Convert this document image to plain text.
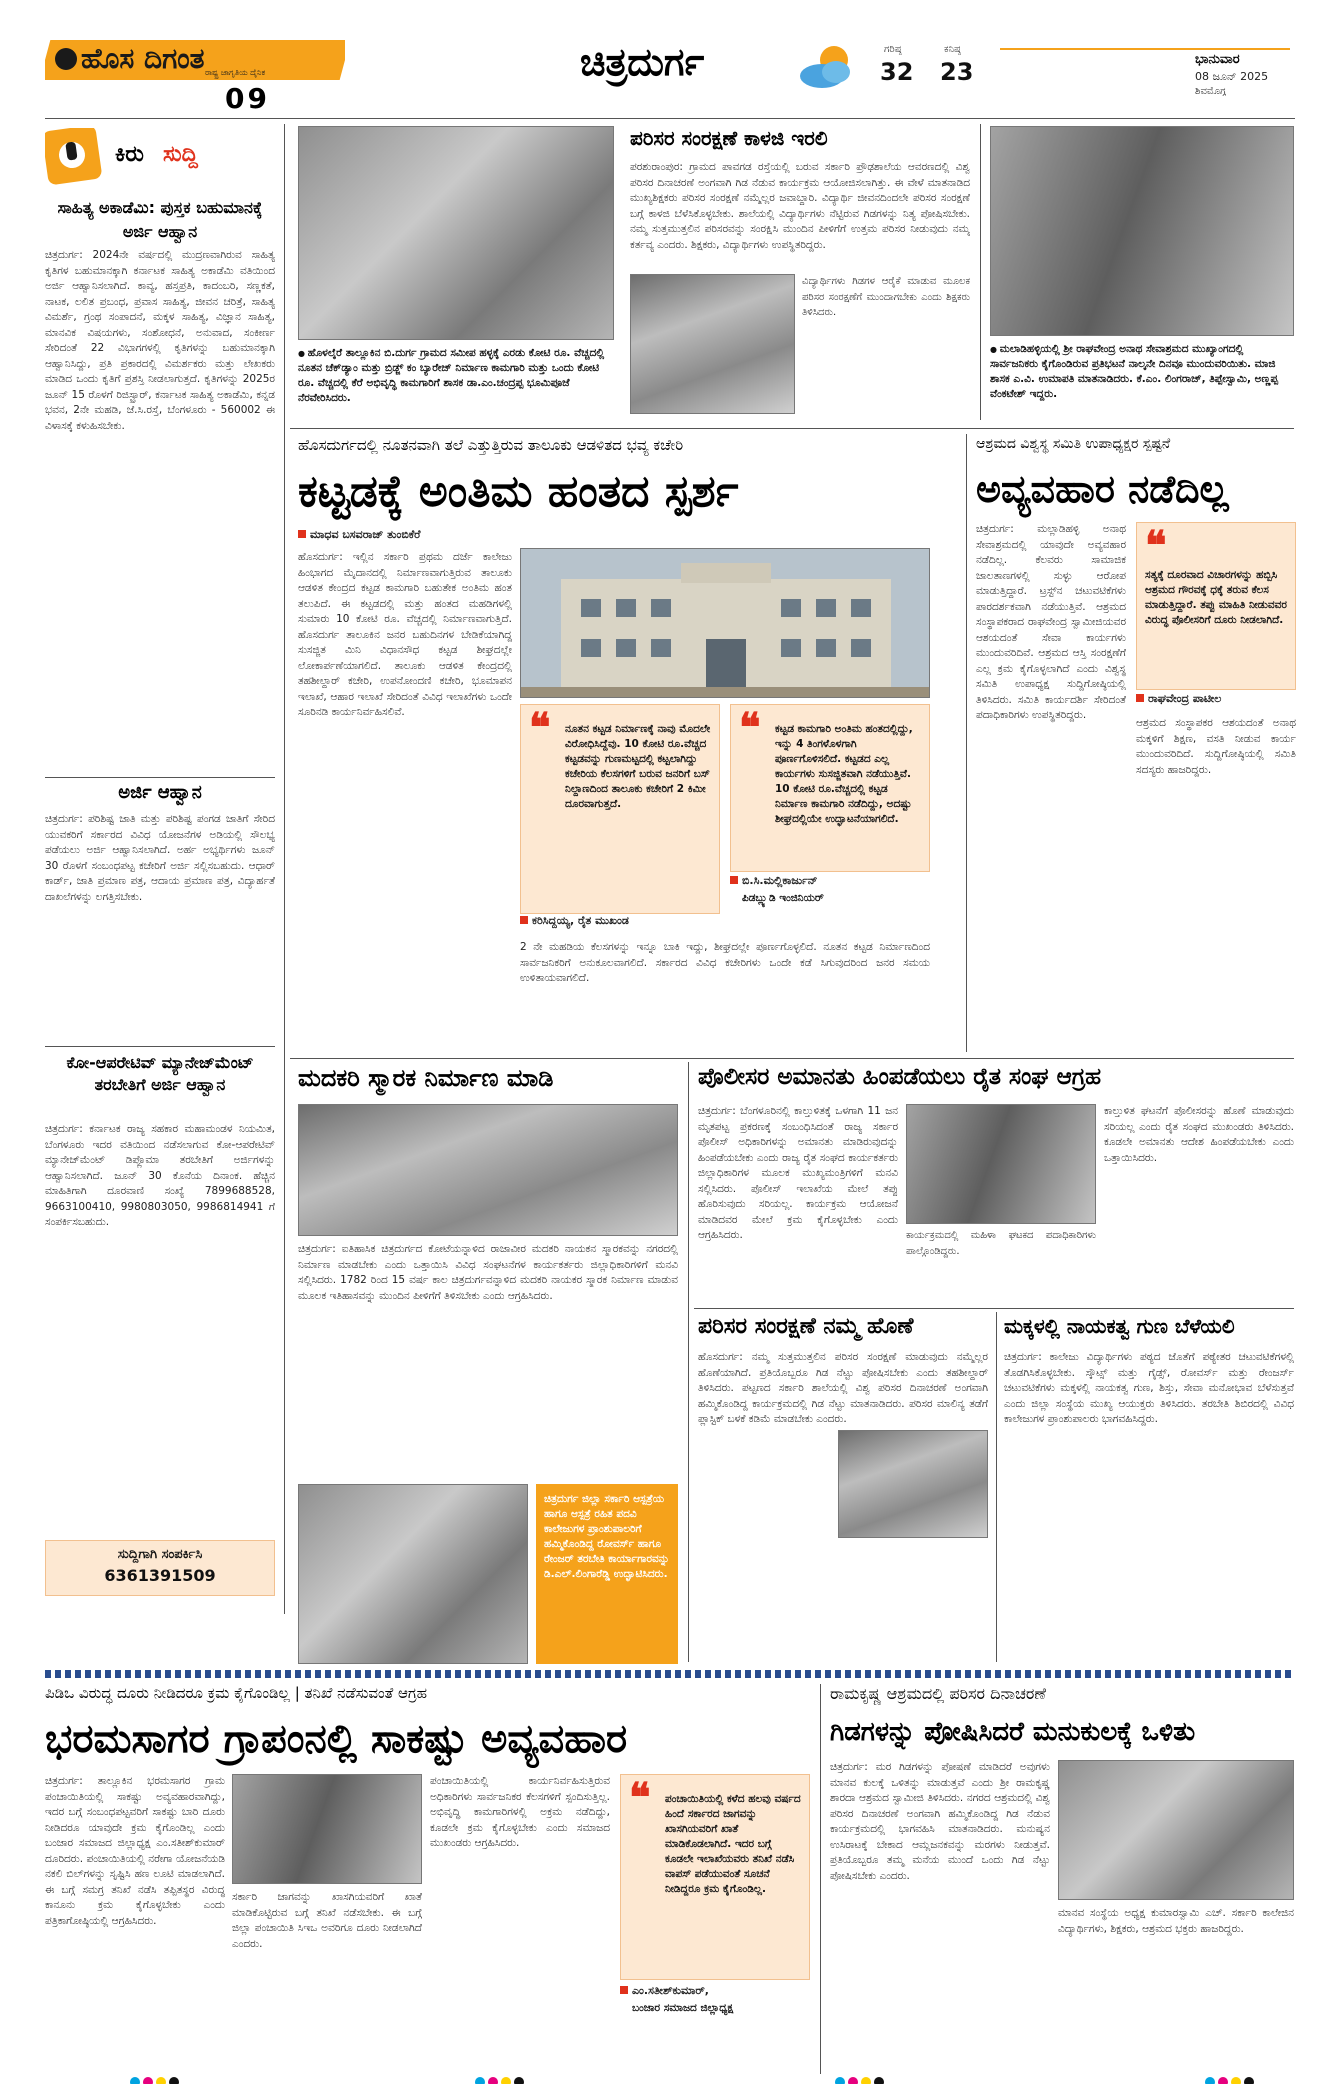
ಹೊಸ ದಿಗಂತ ರಾಷ್ಟ್ರ ಜಾಗೃತಿಯ ದೈನಿಕ
09
ಚಿತ್ರದುರ್ಗ	ಗರಿಷ್ಠ
32
ಕನಿಷ್ಠ
23	ಭಾನುವಾರ
08 ಜೂನ್ 2025
ಶಿವಮೊಗ್ಗ
ಕಿರು ಸುದ್ದಿ
ಸಾಹಿತ್ಯ ಅಕಾಡೆಮಿ: ಪುಸ್ತಕ ಬಹುಮಾನಕ್ಕೆ ಅರ್ಜಿ ಆಹ್ವಾನ
ಚಿತ್ರದುರ್ಗ: 2024ನೇ ವರ್ಷದಲ್ಲಿ ಮುದ್ರಣವಾಗಿರುವ ಸಾಹಿತ್ಯ ಕೃತಿಗಳ ಬಹುಮಾನಕ್ಕಾಗಿ ಕರ್ನಾಟಕ ಸಾಹಿತ್ಯ ಅಕಾಡೆಮಿ ವತಿಯಿಂದ ಅರ್ಜಿ ಆಹ್ವಾನಿಸಲಾಗಿದೆ. ಕಾವ್ಯ, ಹಸ್ತಪ್ರತಿ, ಕಾದಂಬರಿ, ಸಣ್ಣಕತೆ, ನಾಟಕ, ಲಲಿತ ಪ್ರಬಂಧ, ಪ್ರವಾಸ ಸಾಹಿತ್ಯ, ಜೀವನ ಚರಿತ್ರೆ, ಸಾಹಿತ್ಯ ವಿಮರ್ಶೆ, ಗ್ರಂಥ ಸಂಪಾದನೆ, ಮಕ್ಕಳ ಸಾಹಿತ್ಯ, ವಿಜ್ಞಾನ ಸಾಹಿತ್ಯ, ಮಾನವಿಕ ವಿಷಯಗಳು, ಸಂಶೋಧನೆ, ಅನುವಾದ, ಸಂಕೀರ್ಣ ಸೇರಿದಂತೆ 22 ವಿಭಾಗಗಳಲ್ಲಿ ಕೃತಿಗಳನ್ನು ಬಹುಮಾನಕ್ಕಾಗಿ ಆಹ್ವಾನಿಸಿದ್ದು, ಪ್ರತಿ ಪ್ರಕಾರದಲ್ಲಿ ವಿಮರ್ಶಕರು ಮತ್ತು ಲೇಖಕರು ಮಾಡಿದ ಒಂದು ಕೃತಿಗೆ ಪ್ರಶಸ್ತಿ ನೀಡಲಾಗುತ್ತದೆ. ಕೃತಿಗಳನ್ನು 2025ರ ಜೂನ್ 15 ರೊಳಗೆ ರಿಜಿಸ್ಟ್ರಾರ್, ಕರ್ನಾಟಕ ಸಾಹಿತ್ಯ ಅಕಾಡೆಮಿ, ಕನ್ನಡ ಭವನ, 2ನೇ ಮಹಡಿ, ಜೆ.ಸಿ.ರಸ್ತೆ, ಬೆಂಗಳೂರು - 560002 ಈ ವಿಳಾಸಕ್ಕೆ ಕಳುಹಿಸಬೇಕು.
ಅರ್ಜಿ ಆಹ್ವಾನ
ಚಿತ್ರದುರ್ಗ: ಪರಿಶಿಷ್ಟ ಜಾತಿ ಮತ್ತು ಪರಿಶಿಷ್ಟ ಪಂಗಡ ಜಾತಿಗೆ ಸೇರಿದ ಯುವಕರಿಗೆ ಸರ್ಕಾರದ ವಿವಿಧ ಯೋಜನೆಗಳ ಅಡಿಯಲ್ಲಿ ಸೌಲಭ್ಯ ಪಡೆಯಲು ಅರ್ಜಿ ಆಹ್ವಾನಿಸಲಾಗಿದೆ. ಅರ್ಹ ಅಭ್ಯರ್ಥಿಗಳು ಜೂನ್ 30 ರೊಳಗೆ ಸಂಬಂಧಪಟ್ಟ ಕಚೇರಿಗೆ ಅರ್ಜಿ ಸಲ್ಲಿಸಬಹುದು. ಆಧಾರ್ ಕಾರ್ಡ್, ಜಾತಿ ಪ್ರಮಾಣ ಪತ್ರ, ಆದಾಯ ಪ್ರಮಾಣ ಪತ್ರ, ವಿದ್ಯಾರ್ಹತೆ ದಾಖಲೆಗಳನ್ನು ಲಗತ್ತಿಸಬೇಕು.
ಕೋ-ಆಪರೇಟಿವ್ ಮ್ಯಾನೇಜ್‌ಮೆಂಟ್ ತರಬೇತಿಗೆ ಅರ್ಜಿ ಆಹ್ವಾನ
ಚಿತ್ರದುರ್ಗ: ಕರ್ನಾಟಕ ರಾಜ್ಯ ಸಹಕಾರ ಮಹಾಮಂಡಳ ನಿಯಮಿತ, ಬೆಂಗಳೂರು ಇದರ ವತಿಯಿಂದ ನಡೆಸಲಾಗುವ ಕೋ-ಆಪರೇಟಿವ್ ಮ್ಯಾನೇಜ್‌ಮೆಂಟ್ ಡಿಪ್ಲೊಮಾ ತರಬೇತಿಗೆ ಅರ್ಜಿಗಳನ್ನು ಆಹ್ವಾನಿಸಲಾಗಿದೆ. ಜೂನ್ 30 ಕೊನೆಯ ದಿನಾಂಕ. ಹೆಚ್ಚಿನ ಮಾಹಿತಿಗಾಗಿ ದೂರವಾಣಿ ಸಂಖ್ಯೆ 7899688528, 9663100410, 9980803050, 9986814941 ಗೆ ಸಂಪರ್ಕಿಸಬಹುದು.
ಸುದ್ದಿಗಾಗಿ ಸಂಪರ್ಕಿಸಿ
6361391509
● ಹೊಳಲ್ಕೆರೆ ತಾಲ್ಲೂಕಿನ ಬಿ.ದುರ್ಗ ಗ್ರಾಮದ ಸಮೀಪ ಹಳ್ಳಕ್ಕೆ ಎರಡು ಕೋಟಿ ರೂ. ವೆಚ್ಚದಲ್ಲಿ ನೂತನ ಚೆಕ್‌ಡ್ಯಾಂ ಮತ್ತು ಬ್ರಿಡ್ಜ್ ಕಂ ಬ್ಯಾರೇಜ್ ನಿರ್ಮಾಣ ಕಾಮಗಾರಿ ಮತ್ತು ಒಂದು ಕೋಟಿ ರೂ. ವೆಚ್ಚದಲ್ಲಿ ಕೆರೆ ಅಭಿವೃದ್ಧಿ ಕಾಮಗಾರಿಗೆ ಶಾಸಕ ಡಾ.ಎಂ.ಚಂದ್ರಪ್ಪ ಭೂಮಿಪೂಜೆ ನೆರವೇರಿಸಿದರು.
ಪರಿಸರ ಸಂರಕ್ಷಣೆ ಕಾಳಜಿ ಇರಲಿ
ಪರಶುರಾಂಪುರ: ಗ್ರಾಮದ ಪಾವಗಡ ರಸ್ತೆಯಲ್ಲಿ ಬರುವ ಸರ್ಕಾರಿ ಪ್ರೌಢಶಾಲೆಯ ಆವರಣದಲ್ಲಿ ವಿಶ್ವ ಪರಿಸರ ದಿನಾಚರಣೆ ಅಂಗವಾಗಿ ಗಿಡ ನೆಡುವ ಕಾರ್ಯಕ್ರಮ ಆಯೋಜಿಸಲಾಗಿತ್ತು. ಈ ವೇಳೆ ಮಾತನಾಡಿದ ಮುಖ್ಯಶಿಕ್ಷಕರು ಪರಿಸರ ಸಂರಕ್ಷಣೆ ನಮ್ಮೆಲ್ಲರ ಜವಾಬ್ದಾರಿ. ವಿದ್ಯಾರ್ಥಿ ಜೀವನದಿಂದಲೇ ಪರಿಸರ ಸಂರಕ್ಷಣೆ ಬಗ್ಗೆ ಕಾಳಜಿ ಬೆಳೆಸಿಕೊಳ್ಳಬೇಕು. ಶಾಲೆಯಲ್ಲಿ ವಿದ್ಯಾರ್ಥಿಗಳು ನೆಟ್ಟಿರುವ ಗಿಡಗಳನ್ನು ನಿತ್ಯ ಪೋಷಿಸಬೇಕು. ನಮ್ಮ ಸುತ್ತಮುತ್ತಲಿನ ಪರಿಸರವನ್ನು ಸಂರಕ್ಷಿಸಿ ಮುಂದಿನ ಪೀಳಿಗೆಗೆ ಉತ್ತಮ ಪರಿಸರ ನೀಡುವುದು ನಮ್ಮ ಕರ್ತವ್ಯ ಎಂದರು. ಶಿಕ್ಷಕರು, ವಿದ್ಯಾರ್ಥಿಗಳು ಉಪಸ್ಥಿತರಿದ್ದರು.
ವಿದ್ಯಾರ್ಥಿಗಳು ಗಿಡಗಳ ಆರೈಕೆ ಮಾಡುವ ಮೂಲಕ ಪರಿಸರ ಸಂರಕ್ಷಣೆಗೆ ಮುಂದಾಗಬೇಕು ಎಂದು ಶಿಕ್ಷಕರು ತಿಳಿಸಿದರು.
● ಮಲಾಡಿಹಳ್ಳಿಯಲ್ಲಿ ಶ್ರೀ ರಾಘವೇಂದ್ರ ಅನಾಥ ಸೇವಾಶ್ರಮದ ಮುಖ್ಯಾಂಗದಲ್ಲಿ ಸಾರ್ವಜನಿಕರು ಕೈಗೊಂಡಿರುವ ಪ್ರತಿಭಟನೆ ನಾಲ್ಕನೇ ದಿನವೂ ಮುಂದುವರಿಯಿತು. ಮಾಜಿ ಶಾಸಕ ಎ.ವಿ. ಉಮಾಪತಿ ಮಾತನಾಡಿದರು. ಕೆ.ಎಂ. ಲಿಂಗರಾಜ್, ತಿಪ್ಪೇಸ್ವಾಮಿ, ಅಣ್ಣಪ್ಪ ವೆಂಕಟೇಶ್ ಇದ್ದರು.
ಹೊಸದುರ್ಗದಲ್ಲಿ ನೂತನವಾಗಿ ತಲೆ ಎತ್ತುತ್ತಿರುವ ತಾಲೂಕು ಆಡಳಿತದ ಭವ್ಯ ಕಚೇರಿ
ಕಟ್ಟಡಕ್ಕೆ ಅಂತಿಮ ಹಂತದ ಸ್ಪರ್ಶ
ಮಾಧವ ಬಸವರಾಜ್ ತುಂಬಿಕೆರೆ
ಹೊಸದುರ್ಗ: ಇಲ್ಲಿನ ಸರ್ಕಾರಿ ಪ್ರಥಮ ದರ್ಜೆ ಕಾಲೇಜು ಹಿಂಭಾಗದ ಮೈದಾನದಲ್ಲಿ ನಿರ್ಮಾಣವಾಗುತ್ತಿರುವ ತಾಲೂಕು ಆಡಳಿತ ಕೇಂದ್ರದ ಕಟ್ಟಡ ಕಾಮಗಾರಿ ಬಹುತೇಕ ಅಂತಿಮ ಹಂತ ತಲುಪಿದೆ. ಈ ಕಟ್ಟಡದಲ್ಲಿ ಮತ್ತು ಹಂತದ ಮಹಡಿಗಳಲ್ಲಿ ಸುಮಾರು 10 ಕೋಟಿ ರೂ. ವೆಚ್ಚದಲ್ಲಿ ನಿರ್ಮಾಣವಾಗುತ್ತಿದೆ. ಹೊಸದುರ್ಗ ತಾಲೂಕಿನ ಜನರ ಬಹುದಿನಗಳ ಬೇಡಿಕೆಯಾಗಿದ್ದ ಸುಸಜ್ಜಿತ ಮಿನಿ ವಿಧಾನಸೌಧ ಕಟ್ಟಡ ಶೀಘ್ರದಲ್ಲೇ ಲೋಕಾರ್ಪಣೆಯಾಗಲಿದೆ. ತಾಲೂಕು ಆಡಳಿತ ಕೇಂದ್ರದಲ್ಲಿ ತಹಶೀಲ್ದಾರ್ ಕಚೇರಿ, ಉಪನೋಂದಣಿ ಕಚೇರಿ, ಭೂಮಾಪನ ಇಲಾಖೆ, ಆಹಾರ ಇಲಾಖೆ ಸೇರಿದಂತೆ ವಿವಿಧ ಇಲಾಖೆಗಳು ಒಂದೇ ಸೂರಿನಡಿ ಕಾರ್ಯನಿರ್ವಹಿಸಲಿವೆ.	❝	ನೂತನ ಕಟ್ಟಡ ನಿರ್ಮಾಣಕ್ಕೆ ನಾವು ಮೊದಲೇ ವಿರೋಧಿಸಿದ್ದೆವು. 10 ಕೋಟಿ ರೂ.ವೆಚ್ಚದ ಕಟ್ಟಡವನ್ನು ಗುಣಮಟ್ಟದಲ್ಲಿ ಕಟ್ಟಲಾಗಿದ್ದು ಕಚೇರಿಯ ಕೆಲಸಗಳಿಗೆ ಬರುವ ಜನರಿಗೆ ಬಸ್ ನಿಲ್ದಾಣದಿಂದ ತಾಲೂಕು ಕಚೇರಿಗೆ 2 ಕಿಮೀ ದೂರವಾಗುತ್ತದೆ.
ಕರಿಸಿದ್ದಯ್ಯ, ರೈತ ಮುಖಂಡ
❝	ಕಟ್ಟಡ ಕಾಮಗಾರಿ ಅಂತಿಮ ಹಂತದಲ್ಲಿದ್ದು, ಇನ್ನು 4 ತಿಂಗಳೊಳಗಾಗಿ ಪೂರ್ಣಗೊಳಿಸಲಿದೆ. ಕಟ್ಟಡದ ಎಲ್ಲ ಕಾರ್ಯಗಳು ಸುಸಜ್ಜಿತವಾಗಿ ನಡೆಯುತ್ತಿವೆ. 10 ಕೋಟಿ ರೂ.ವೆಚ್ಚದಲ್ಲಿ ಕಟ್ಟಡ ನಿರ್ಮಾಣ ಕಾಮಗಾರಿ ನಡೆದಿದ್ದು, ಅದಷ್ಟು ಶೀಘ್ರದಲ್ಲಿಯೇ ಉದ್ಘಾಟನೆಯಾಗಲಿದೆ.
ಬಿ.ಸಿ.ಮಲ್ಲಿಕಾರ್ಜುನ್
ಪಿಡಬ್ಲ್ಯುಡಿ ಇಂಜಿನಿಯರ್
2 ನೇ ಮಹಡಿಯ ಕೆಲಸಗಳನ್ನು ಇನ್ನೂ ಬಾಕಿ ಇದ್ದು, ಶೀಘ್ರದಲ್ಲೇ ಪೂರ್ಣಗೊಳ್ಳಲಿದೆ. ನೂತನ ಕಟ್ಟಡ ನಿರ್ಮಾಣದಿಂದ ಸಾರ್ವಜನಿಕರಿಗೆ ಅನುಕೂಲವಾಗಲಿದೆ. ಸರ್ಕಾರದ ವಿವಿಧ ಕಚೇರಿಗಳು ಒಂದೇ ಕಡೆ ಸಿಗುವುದರಿಂದ ಜನರ ಸಮಯ ಉಳಿತಾಯವಾಗಲಿದೆ.
ಆಶ್ರಮದ ವಿಶ್ವಸ್ಥ ಸಮಿತಿ ಉಪಾಧ್ಯಕ್ಷರ ಸ್ಪಷ್ಟನೆ
ಅವ್ಯವಹಾರ ನಡೆದಿಲ್ಲ
ಚಿತ್ರದುರ್ಗ: ಮಲ್ಲಾಡಿಹಳ್ಳಿ ಅನಾಥ ಸೇವಾಶ್ರಮದಲ್ಲಿ ಯಾವುದೇ ಅವ್ಯವಹಾರ ನಡೆದಿಲ್ಲ. ಕೆಲವರು ಸಾಮಾಜಿಕ ಜಾಲತಾಣಗಳಲ್ಲಿ ಸುಳ್ಳು ಆರೋಪ ಮಾಡುತ್ತಿದ್ದಾರೆ. ಟ್ರಸ್ಟ್‌ನ ಚಟುವಟಿಕೆಗಳು ಪಾರದರ್ಶಕವಾಗಿ ನಡೆಯುತ್ತಿವೆ. ಆಶ್ರಮದ ಸಂಸ್ಥಾಪಕರಾದ ರಾಘವೇಂದ್ರ ಸ್ವಾಮೀಜಿಯವರ ಆಶಯದಂತೆ ಸೇವಾ ಕಾರ್ಯಗಳು ಮುಂದುವರಿದಿವೆ. ಆಶ್ರಮದ ಆಸ್ತಿ ಸಂರಕ್ಷಣೆಗೆ ಎಲ್ಲ ಕ್ರಮ ಕೈಗೊಳ್ಳಲಾಗಿದೆ ಎಂದು ವಿಶ್ವಸ್ಥ ಸಮಿತಿ ಉಪಾಧ್ಯಕ್ಷ ಸುದ್ದಿಗೋಷ್ಠಿಯಲ್ಲಿ ತಿಳಿಸಿದರು. ಸಮಿತಿ ಕಾರ್ಯದರ್ಶಿ ಸೇರಿದಂತೆ ಪದಾಧಿಕಾರಿಗಳು ಉಪಸ್ಥಿತರಿದ್ದರು.
❝
ಸತ್ಯಕ್ಕೆ ದೂರವಾದ ವಿಚಾರಗಳನ್ನು ಹಬ್ಬಿಸಿ ಆಶ್ರಮದ ಗೌರವಕ್ಕೆ ಧಕ್ಕೆ ತರುವ ಕೆಲಸ ಮಾಡುತ್ತಿದ್ದಾರೆ. ತಪ್ಪು ಮಾಹಿತಿ ನೀಡುವವರ ವಿರುದ್ಧ ಪೊಲೀಸರಿಗೆ ದೂರು ನೀಡಲಾಗಿದೆ.
ರಾಘವೇಂದ್ರ ಪಾಟೀಲ
ಆಶ್ರಮದ ಸಂಸ್ಥಾಪಕರ ಆಶಯದಂತೆ ಅನಾಥ ಮಕ್ಕಳಿಗೆ ಶಿಕ್ಷಣ, ವಸತಿ ನೀಡುವ ಕಾರ್ಯ ಮುಂದುವರಿದಿದೆ. ಸುದ್ದಿಗೋಷ್ಠಿಯಲ್ಲಿ ಸಮಿತಿ ಸದಸ್ಯರು ಹಾಜರಿದ್ದರು.
ಮದಕರಿ ಸ್ಮಾರಕ ನಿರ್ಮಾಣ ಮಾಡಿ
ಚಿತ್ರದುರ್ಗ: ಐತಿಹಾಸಿಕ ಚಿತ್ರದುರ್ಗದ ಕೋಟೆಯನ್ನಾಳಿದ ರಾಜಾವೀರ ಮದಕರಿ ನಾಯಕನ ಸ್ಮಾರಕವನ್ನು ನಗರದಲ್ಲಿ ನಿರ್ಮಾಣ ಮಾಡಬೇಕು ಎಂದು ಒತ್ತಾಯಿಸಿ ವಿವಿಧ ಸಂಘಟನೆಗಳ ಕಾರ್ಯಕರ್ತರು ಜಿಲ್ಲಾಧಿಕಾರಿಗಳಿಗೆ ಮನವಿ ಸಲ್ಲಿಸಿದರು. 1782 ರಿಂದ 15 ವರ್ಷ ಕಾಲ ಚಿತ್ರದುರ್ಗವನ್ನಾಳಿದ ಮದಕರಿ ನಾಯಕರ ಸ್ಮಾರಕ ನಿರ್ಮಾಣ ಮಾಡುವ ಮೂಲಕ ಇತಿಹಾಸವನ್ನು ಮುಂದಿನ ಪೀಳಿಗೆಗೆ ತಿಳಿಸಬೇಕು ಎಂದು ಆಗ್ರಹಿಸಿದರು.
ಚಿತ್ರದುರ್ಗ ಜಿಲ್ಲಾ ಸರ್ಕಾರಿ ಆಸ್ಪತ್ರೆಯ ಹಾಗೂ ಆಸ್ಪತ್ರೆ ರಹಿತ ಪದವಿ ಕಾಲೇಜುಗಳ ಪ್ರಾಂಶುಪಾಲರಿಗೆ ಹಮ್ಮಿಕೊಂಡಿದ್ದ ರೋವರ್ಸ್ ಹಾಗೂ ರೇಂಜರ್ ತರಬೇತಿ ಕಾರ್ಯಾಗಾರವನ್ನು ಡಿ.ಎಲ್.ಲಿಂಗಾರೆಡ್ಡಿ ಉದ್ಘಾಟಿಸಿದರು.
ಪೊಲೀಸರ ಅಮಾನತು ಹಿಂಪಡೆಯಲು ರೈತ ಸಂಘ ಆಗ್ರಹ
ಚಿತ್ರದುರ್ಗ: ಬೆಂಗಳೂರಿನಲ್ಲಿ ಕಾಲ್ತುಳಿತಕ್ಕೆ ಒಳಗಾಗಿ 11 ಜನ ಮೃತಪಟ್ಟ ಪ್ರಕರಣಕ್ಕೆ ಸಂಬಂಧಿಸಿದಂತೆ ರಾಜ್ಯ ಸರ್ಕಾರ ಪೊಲೀಸ್ ಅಧಿಕಾರಿಗಳನ್ನು ಅಮಾನತು ಮಾಡಿರುವುದನ್ನು ಹಿಂಪಡೆಯಬೇಕು ಎಂದು ರಾಜ್ಯ ರೈತ ಸಂಘದ ಕಾರ್ಯಕರ್ತರು ಜಿಲ್ಲಾಧಿಕಾರಿಗಳ ಮೂಲಕ ಮುಖ್ಯಮಂತ್ರಿಗಳಿಗೆ ಮನವಿ ಸಲ್ಲಿಸಿದರು. ಪೊಲೀಸ್ ಇಲಾಖೆಯ ಮೇಲೆ ತಪ್ಪು ಹೊರಿಸುವುದು ಸರಿಯಲ್ಲ. ಕಾರ್ಯಕ್ರಮ ಆಯೋಜನೆ ಮಾಡಿದವರ ಮೇಲೆ ಕ್ರಮ ಕೈಗೊಳ್ಳಬೇಕು ಎಂದು ಆಗ್ರಹಿಸಿದರು.
ಕಾಲ್ತುಳಿತ ಘಟನೆಗೆ ಪೊಲೀಸರನ್ನು ಹೊಣೆ ಮಾಡುವುದು ಸರಿಯಲ್ಲ ಎಂದು ರೈತ ಸಂಘದ ಮುಖಂಡರು ತಿಳಿಸಿದರು. ಕೂಡಲೇ ಅಮಾನತು ಆದೇಶ ಹಿಂಪಡೆಯಬೇಕು ಎಂದು ಒತ್ತಾಯಿಸಿದರು.
ಕಾರ್ಯಕ್ರಮದಲ್ಲಿ ಮಹಿಳಾ ಘಟಕದ ಪದಾಧಿಕಾರಿಗಳು ಪಾಲ್ಗೊಂಡಿದ್ದರು.
ಪರಿಸರ ಸಂರಕ್ಷಣೆ ನಮ್ಮ ಹೊಣೆ
ಹೊಸದುರ್ಗ: ನಮ್ಮ ಸುತ್ತಮುತ್ತಲಿನ ಪರಿಸರ ಸಂರಕ್ಷಣೆ ಮಾಡುವುದು ನಮ್ಮೆಲ್ಲರ ಹೊಣೆಯಾಗಿದೆ. ಪ್ರತಿಯೊಬ್ಬರೂ ಗಿಡ ನೆಟ್ಟು ಪೋಷಿಸಬೇಕು ಎಂದು ತಹಶೀಲ್ದಾರ್ ತಿಳಿಸಿದರು. ಪಟ್ಟಣದ ಸರ್ಕಾರಿ ಶಾಲೆಯಲ್ಲಿ ವಿಶ್ವ ಪರಿಸರ ದಿನಾಚರಣೆ ಅಂಗವಾಗಿ ಹಮ್ಮಿಕೊಂಡಿದ್ದ ಕಾರ್ಯಕ್ರಮದಲ್ಲಿ ಗಿಡ ನೆಟ್ಟು ಮಾತನಾಡಿದರು. ಪರಿಸರ ಮಾಲಿನ್ಯ ತಡೆಗೆ ಪ್ಲಾಸ್ಟಿಕ್ ಬಳಕೆ ಕಡಿಮೆ ಮಾಡಬೇಕು ಎಂದರು.
ಮಕ್ಕಳಲ್ಲಿ ನಾಯಕತ್ವ ಗುಣ ಬೆಳೆಯಲಿ
ಚಿತ್ರದುರ್ಗ: ಕಾಲೇಜು ವಿದ್ಯಾರ್ಥಿಗಳು ಪಠ್ಯದ ಜೊತೆಗೆ ಪಠ್ಯೇತರ ಚಟುವಟಿಕೆಗಳಲ್ಲಿ ತೊಡಗಿಸಿಕೊಳ್ಳಬೇಕು. ಸ್ಕೌಟ್ಸ್ ಮತ್ತು ಗೈಡ್ಸ್, ರೋವರ್ಸ್ ಮತ್ತು ರೇಂಜರ್ಸ್ ಚಟುವಟಿಕೆಗಳು ಮಕ್ಕಳಲ್ಲಿ ನಾಯಕತ್ವ ಗುಣ, ಶಿಸ್ತು, ಸೇವಾ ಮನೋಭಾವ ಬೆಳೆಸುತ್ತವೆ ಎಂದು ಜಿಲ್ಲಾ ಸಂಸ್ಥೆಯ ಮುಖ್ಯ ಆಯುಕ್ತರು ತಿಳಿಸಿದರು. ತರಬೇತಿ ಶಿಬಿರದಲ್ಲಿ ವಿವಿಧ ಕಾಲೇಜುಗಳ ಪ್ರಾಂಶುಪಾಲರು ಭಾಗವಹಿಸಿದ್ದರು.
ಪಿಡಿಒ ವಿರುದ್ಧ ದೂರು ನೀಡಿದರೂ ಕ್ರಮ ಕೈಗೊಂಡಿಲ್ಲ | ತನಿಖೆ ನಡೆಸುವಂತೆ ಆಗ್ರಹ
ಭರಮಸಾಗರ ಗ್ರಾಪಂನಲ್ಲಿ ಸಾಕಷ್ಟು ಅವ್ಯವಹಾರ
ಚಿತ್ರದುರ್ಗ: ತಾಲ್ಲೂಕಿನ ಭರಮಸಾಗರ ಗ್ರಾಮ ಪಂಚಾಯಿತಿಯಲ್ಲಿ ಸಾಕಷ್ಟು ಅವ್ಯವಹಾರವಾಗಿದ್ದು, ಇದರ ಬಗ್ಗೆ ಸಂಬಂಧಪಟ್ಟವರಿಗೆ ಸಾಕಷ್ಟು ಬಾರಿ ದೂರು ನೀಡಿದರೂ ಯಾವುದೇ ಕ್ರಮ ಕೈಗೊಂಡಿಲ್ಲ ಎಂದು ಬಂಜಾರ ಸಮಾಜದ ಜಿಲ್ಲಾಧ್ಯಕ್ಷ ಎಂ.ಸತೀಶ್‌ಕುಮಾರ್ ದೂರಿದರು. ಪಂಚಾಯಿತಿಯಲ್ಲಿ ನರೇಗಾ ಯೋಜನೆಯಡಿ ನಕಲಿ ಬಿಲ್‌ಗಳನ್ನು ಸೃಷ್ಟಿಸಿ ಹಣ ಲೂಟಿ ಮಾಡಲಾಗಿದೆ. ಈ ಬಗ್ಗೆ ಸಮಗ್ರ ತನಿಖೆ ನಡೆಸಿ ತಪ್ಪಿತಸ್ಥರ ವಿರುದ್ಧ ಕಾನೂನು ಕ್ರಮ ಕೈಗೊಳ್ಳಬೇಕು ಎಂದು ಪತ್ರಿಕಾಗೋಷ್ಠಿಯಲ್ಲಿ ಆಗ್ರಹಿಸಿದರು.
ಸರ್ಕಾರಿ ಜಾಗವನ್ನು ಖಾಸಗಿಯವರಿಗೆ ಖಾತೆ ಮಾಡಿಕೊಟ್ಟಿರುವ ಬಗ್ಗೆ ತನಿಖೆ ನಡೆಸಬೇಕು. ಈ ಬಗ್ಗೆ ಜಿಲ್ಲಾ ಪಂಚಾಯಿತಿ ಸಿಇಒ ಅವರಿಗೂ ದೂರು ನೀಡಲಾಗಿದೆ ಎಂದರು.
ಪಂಚಾಯಿತಿಯಲ್ಲಿ ಕಾರ್ಯನಿರ್ವಹಿಸುತ್ತಿರುವ ಅಧಿಕಾರಿಗಳು ಸಾರ್ವಜನಿಕರ ಕೆಲಸಗಳಿಗೆ ಸ್ಪಂದಿಸುತ್ತಿಲ್ಲ. ಅಭಿವೃದ್ಧಿ ಕಾಮಗಾರಿಗಳಲ್ಲಿ ಅಕ್ರಮ ನಡೆದಿದ್ದು, ಕೂಡಲೇ ಕ್ರಮ ಕೈಗೊಳ್ಳಬೇಕು ಎಂದು ಸಮಾಜದ ಮುಖಂಡರು ಆಗ್ರಹಿಸಿದರು.
❝	ಪಂಚಾಯಿತಿಯಲ್ಲಿ ಕಳೆದ ಹಲವು ವರ್ಷದ ಹಿಂದೆ ಸರ್ಕಾರದ ಜಾಗವನ್ನು ಖಾಸಗಿಯವರಿಗೆ ಖಾತೆ ಮಾಡಿಕೊಡಲಾಗಿದೆ. ಇದರ ಬಗ್ಗೆ ಕೂಡಲೇ ಇಲಾಖೆಯವರು ತನಿಖೆ ನಡೆಸಿ ವಾಪಸ್ ಪಡೆಯುವಂತೆ ಸೂಚನೆ ನೀಡಿದ್ದರೂ ಕ್ರಮ ಕೈಗೊಂಡಿಲ್ಲ.
ಎಂ.ಸತೀಶ್‌ಕುಮಾರ್,
ಬಂಜಾರ ಸಮಾಜದ ಜಿಲ್ಲಾಧ್ಯಕ್ಷ
ರಾಮಕೃಷ್ಣ ಆಶ್ರಮದಲ್ಲಿ ಪರಿಸರ ದಿನಾಚರಣೆ
ಗಿಡಗಳನ್ನು ಪೋಷಿಸಿದರೆ ಮನುಕುಲಕ್ಕೆ ಒಳಿತು
ಚಿತ್ರದುರ್ಗ: ಮರ ಗಿಡಗಳನ್ನು ಪೋಷಣೆ ಮಾಡಿದರೆ ಅವುಗಳು ಮಾನವ ಕುಲಕ್ಕೆ ಒಳಿತನ್ನು ಮಾಡುತ್ತವೆ ಎಂದು ಶ್ರೀ ರಾಮಕೃಷ್ಣ ಶಾರದಾ ಆಶ್ರಮದ ಸ್ವಾಮೀಜಿ ತಿಳಿಸಿದರು. ನಗರದ ಆಶ್ರಮದಲ್ಲಿ ವಿಶ್ವ ಪರಿಸರ ದಿನಾಚರಣೆ ಅಂಗವಾಗಿ ಹಮ್ಮಿಕೊಂಡಿದ್ದ ಗಿಡ ನೆಡುವ ಕಾರ್ಯಕ್ರಮದಲ್ಲಿ ಭಾಗವಹಿಸಿ ಮಾತನಾಡಿದರು. ಮನುಷ್ಯನ ಉಸಿರಾಟಕ್ಕೆ ಬೇಕಾದ ಆಮ್ಲಜನಕವನ್ನು ಮರಗಳು ನೀಡುತ್ತವೆ. ಪ್ರತಿಯೊಬ್ಬರೂ ತಮ್ಮ ಮನೆಯ ಮುಂದೆ ಒಂದು ಗಿಡ ನೆಟ್ಟು ಪೋಷಿಸಬೇಕು ಎಂದರು.
ಮಾನವ ಸಂಸ್ಥೆಯ ಅಧ್ಯಕ್ಷ ಕುಮಾರಸ್ವಾಮಿ ಎಚ್. ಸರ್ಕಾರಿ ಕಾಲೇಜಿನ ವಿದ್ಯಾರ್ಥಿಗಳು, ಶಿಕ್ಷಕರು, ಆಶ್ರಮದ ಭಕ್ತರು ಹಾಜರಿದ್ದರು.
